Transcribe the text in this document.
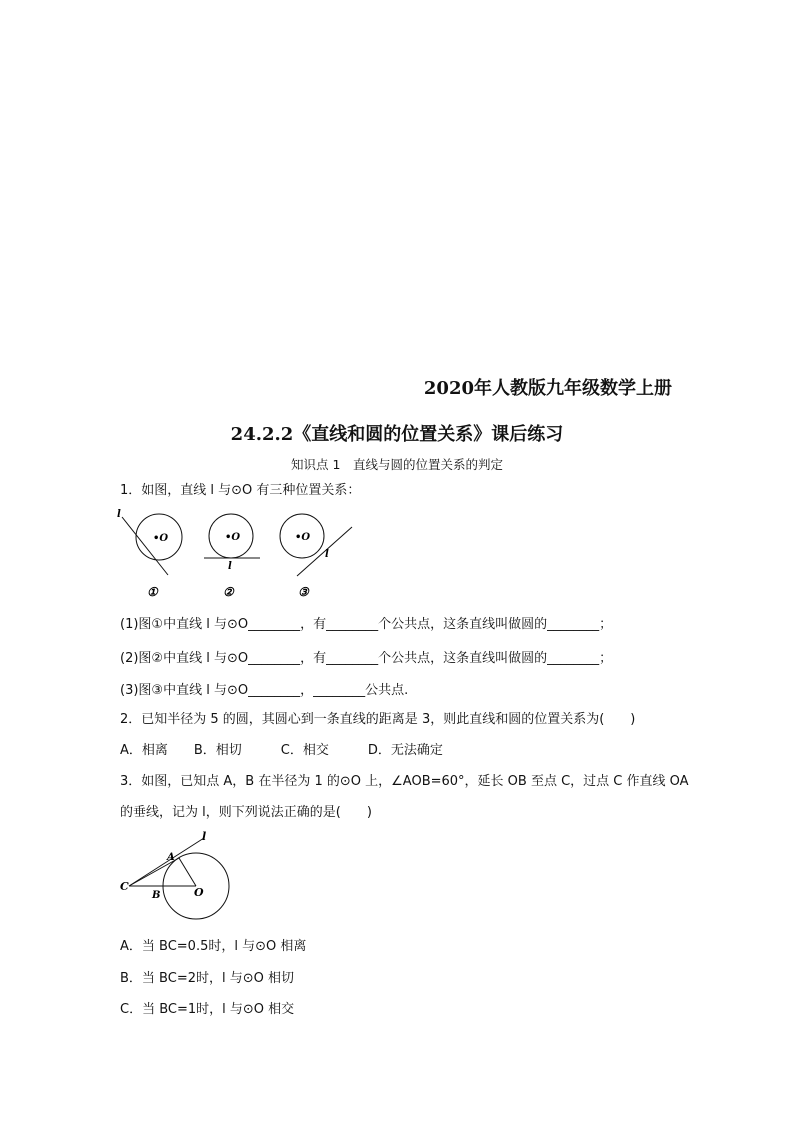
2020年人教版九年级数学上册
24.2.2《直线和圆的位置关系》课后练习
知识点 1　直线与圆的位置关系的判定
1．如图，直线 l 与⊙O 有三种位置关系：
•O
l
①
•O
l
②
•O
l
③
(1)图①中直线 l 与⊙O________，有________个公共点，这条直线叫做圆的________；
(2)图②中直线 l 与⊙O________，有________个公共点，这条直线叫做圆的________；
(3)图③中直线 l 与⊙O________，________公共点.
2．已知半径为 5 的圆，其圆心到一条直线的距离是 3，则此直线和圆的位置关系为(　　)
A．相离　　B．相切　　　C．相交　　　D．无法确定
3．如图，已知点 A，B 在半径为 1 的⊙O 上，∠AOB=60°，延长 OB 至点 C，过点 C 作直线 OA
的垂线，记为 l，则下列说法正确的是(　　)
C
B
A
O
l
A．当 BC=0.5时，l 与⊙O 相离
B．当 BC=2时，l 与⊙O 相切
C．当 BC=1时，l 与⊙O 相交
